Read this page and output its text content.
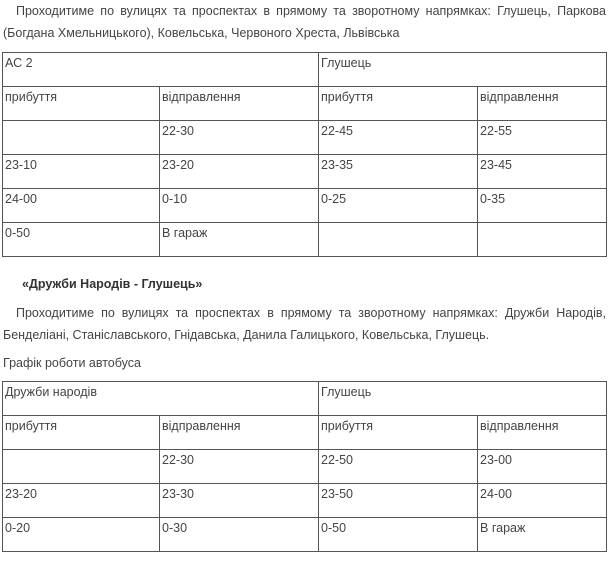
Проходитиме по вулицях та проспектах в прямому та зворотному напрямках: Глушець, Паркова (Богдана Хмельницького), Ковельська, Червоного Хреста, Львівська

АС 2		Глушець	
прибуття	відправлення	прибуття	відправлення
	22-30	22-45	22-55
23-10	23-20	23-35	23-45
24-00	0-10	0-25	0-35
0-50	В гараж		

«Дружби Народів - Глушець»

Проходитиме по вулицях та проспектах в прямому та зворотному напрямках: Дружби Народів, Бенделіані, Станіславського, Гнідавська, Данила Галицького, Ковельська, Глушець.

Графік роботи автобуса

Дружби народів		Глушець	
прибуття	відправлення	прибуття	відправлення
	22-30	22-50	23-00
23-20	23-30	23-50	24-00
0-20	0-30	0-50	В гараж
